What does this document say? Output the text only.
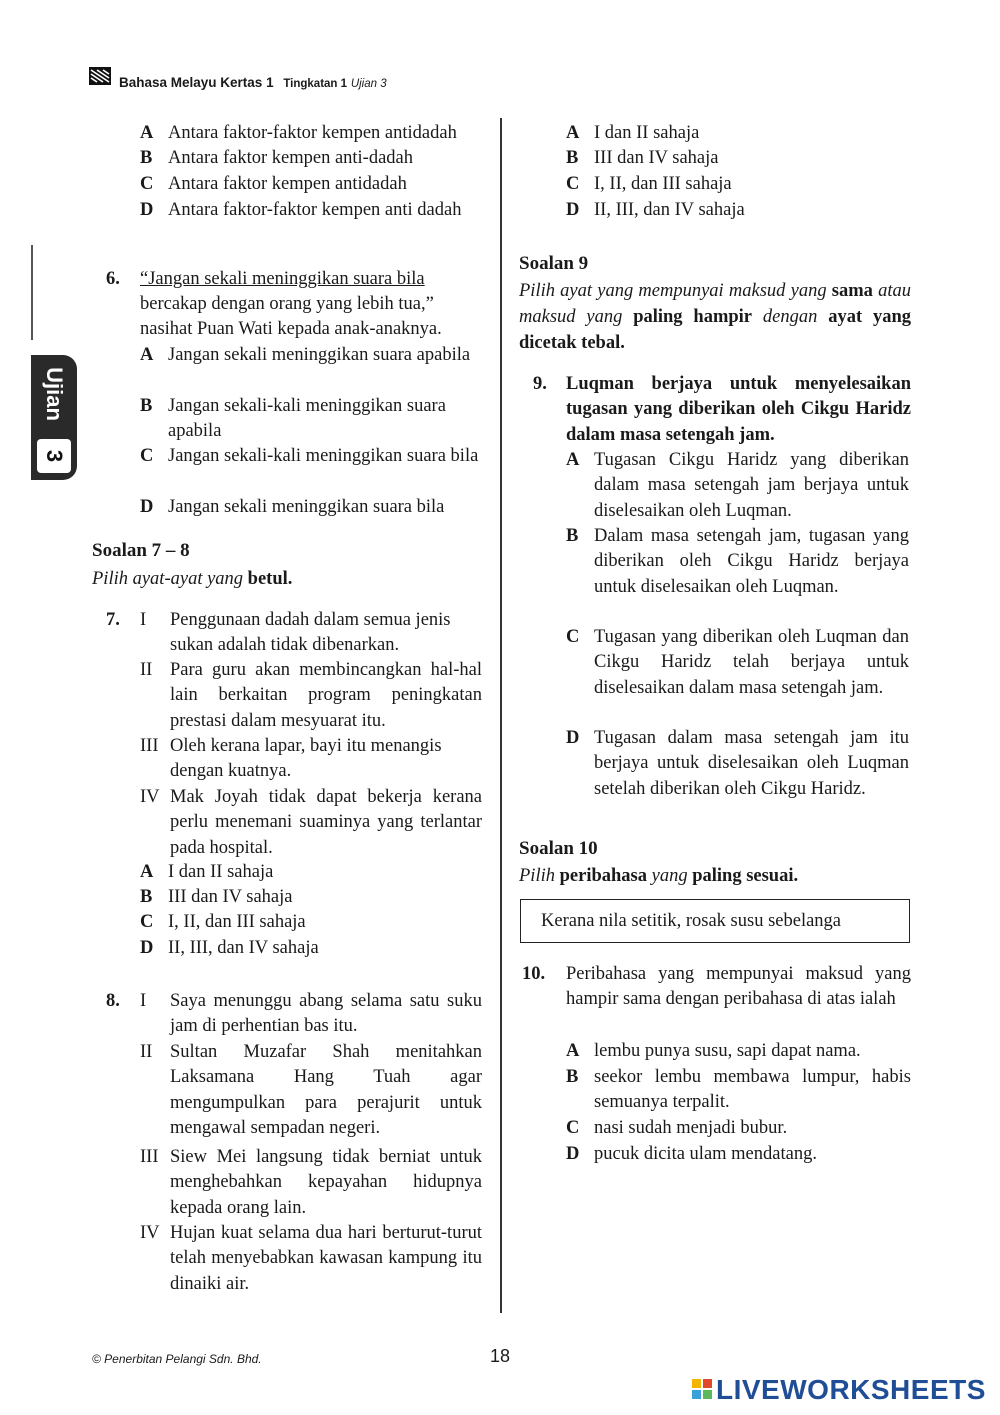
Bahasa Melayu Kertas 1 Tingkatan 1 Ujian 3
Ujian
3
A Antara faktor-faktor kempen antidadah
B Antara faktor kempen anti-dadah
C Antara faktor kempen antidadah
D Antara faktor-faktor kempen anti dadah
6. “Jangan sekali meninggikan suara bila
bercakap dengan orang yang lebih tua,” nasihat Puan Wati kepada anak-anaknya.
A Jangan sekali meninggikan suara apabila
B Jangan sekali-kali meninggikan suara apabila
C Jangan sekali-kali meninggikan suara bila
D Jangan sekali meninggikan suara bila
Soalan 7 – 8
Pilih ayat-ayat yang betul.
7. I Penggunaan dadah dalam semua jenis sukan adalah tidak dibenarkan.
II Para guru akan membincangkan hal-hal lain berkaitan program peningkatan prestasi dalam mesyuarat itu.
III Oleh kerana lapar, bayi itu menangis dengan kuatnya.
IV Mak Joyah tidak dapat bekerja kerana perlu menemani suaminya yang terlantar pada hospital.
A I dan II sahaja
B III dan IV sahaja
C I, II, dan III sahaja
D II, III, dan IV sahaja
8. I Saya menunggu abang selama satu suku jam di perhentian bas itu.
II Sultan Muzafar Shah menitahkan Laksamana Hang Tuah agar mengumpulkan para perajurit untuk mengawal sempadan negeri.
III Siew Mei langsung tidak berniat untuk menghebahkan kepayahan hidupnya kepada orang lain.
IV Hujan kuat selama dua hari berturut-turut telah menyebabkan kawasan kampung itu dinaiki air.
A I dan II sahaja
B III dan IV sahaja
C I, II, dan III sahaja
D II, III, dan IV sahaja
Soalan 9
Pilih ayat yang mempunyai maksud yang sama atau maksud yang paling hampir dengan ayat yang dicetak tebal.
9. Luqman berjaya untuk menyelesaikan tugasan yang diberikan oleh Cikgu Haridz dalam masa setengah jam.
A Tugasan Cikgu Haridz yang diberikan dalam masa setengah jam berjaya untuk diselesaikan oleh Luqman.
B Dalam masa setengah jam, tugasan yang diberikan oleh Cikgu Haridz berjaya untuk diselesaikan oleh Luqman.
C Tugasan yang diberikan oleh Luqman dan Cikgu Haridz telah berjaya untuk diselesaikan dalam masa setengah jam.
D Tugasan dalam masa setengah jam itu berjaya untuk diselesaikan oleh Luqman setelah diberikan oleh Cikgu Haridz.
Soalan 10
Pilih peribahasa yang paling sesuai.
Kerana nila setitik, rosak susu sebelanga
10. Peribahasa yang mempunyai maksud yang hampir sama dengan peribahasa di atas ialah
A lembu punya susu, sapi dapat nama.
B seekor lembu membawa lumpur, habis semuanya terpalit.
C nasi sudah menjadi bubur.
D pucuk dicita ulam mendatang.
© Penerbitan Pelangi Sdn. Bhd.	18
LIVEWORKSHEETS
